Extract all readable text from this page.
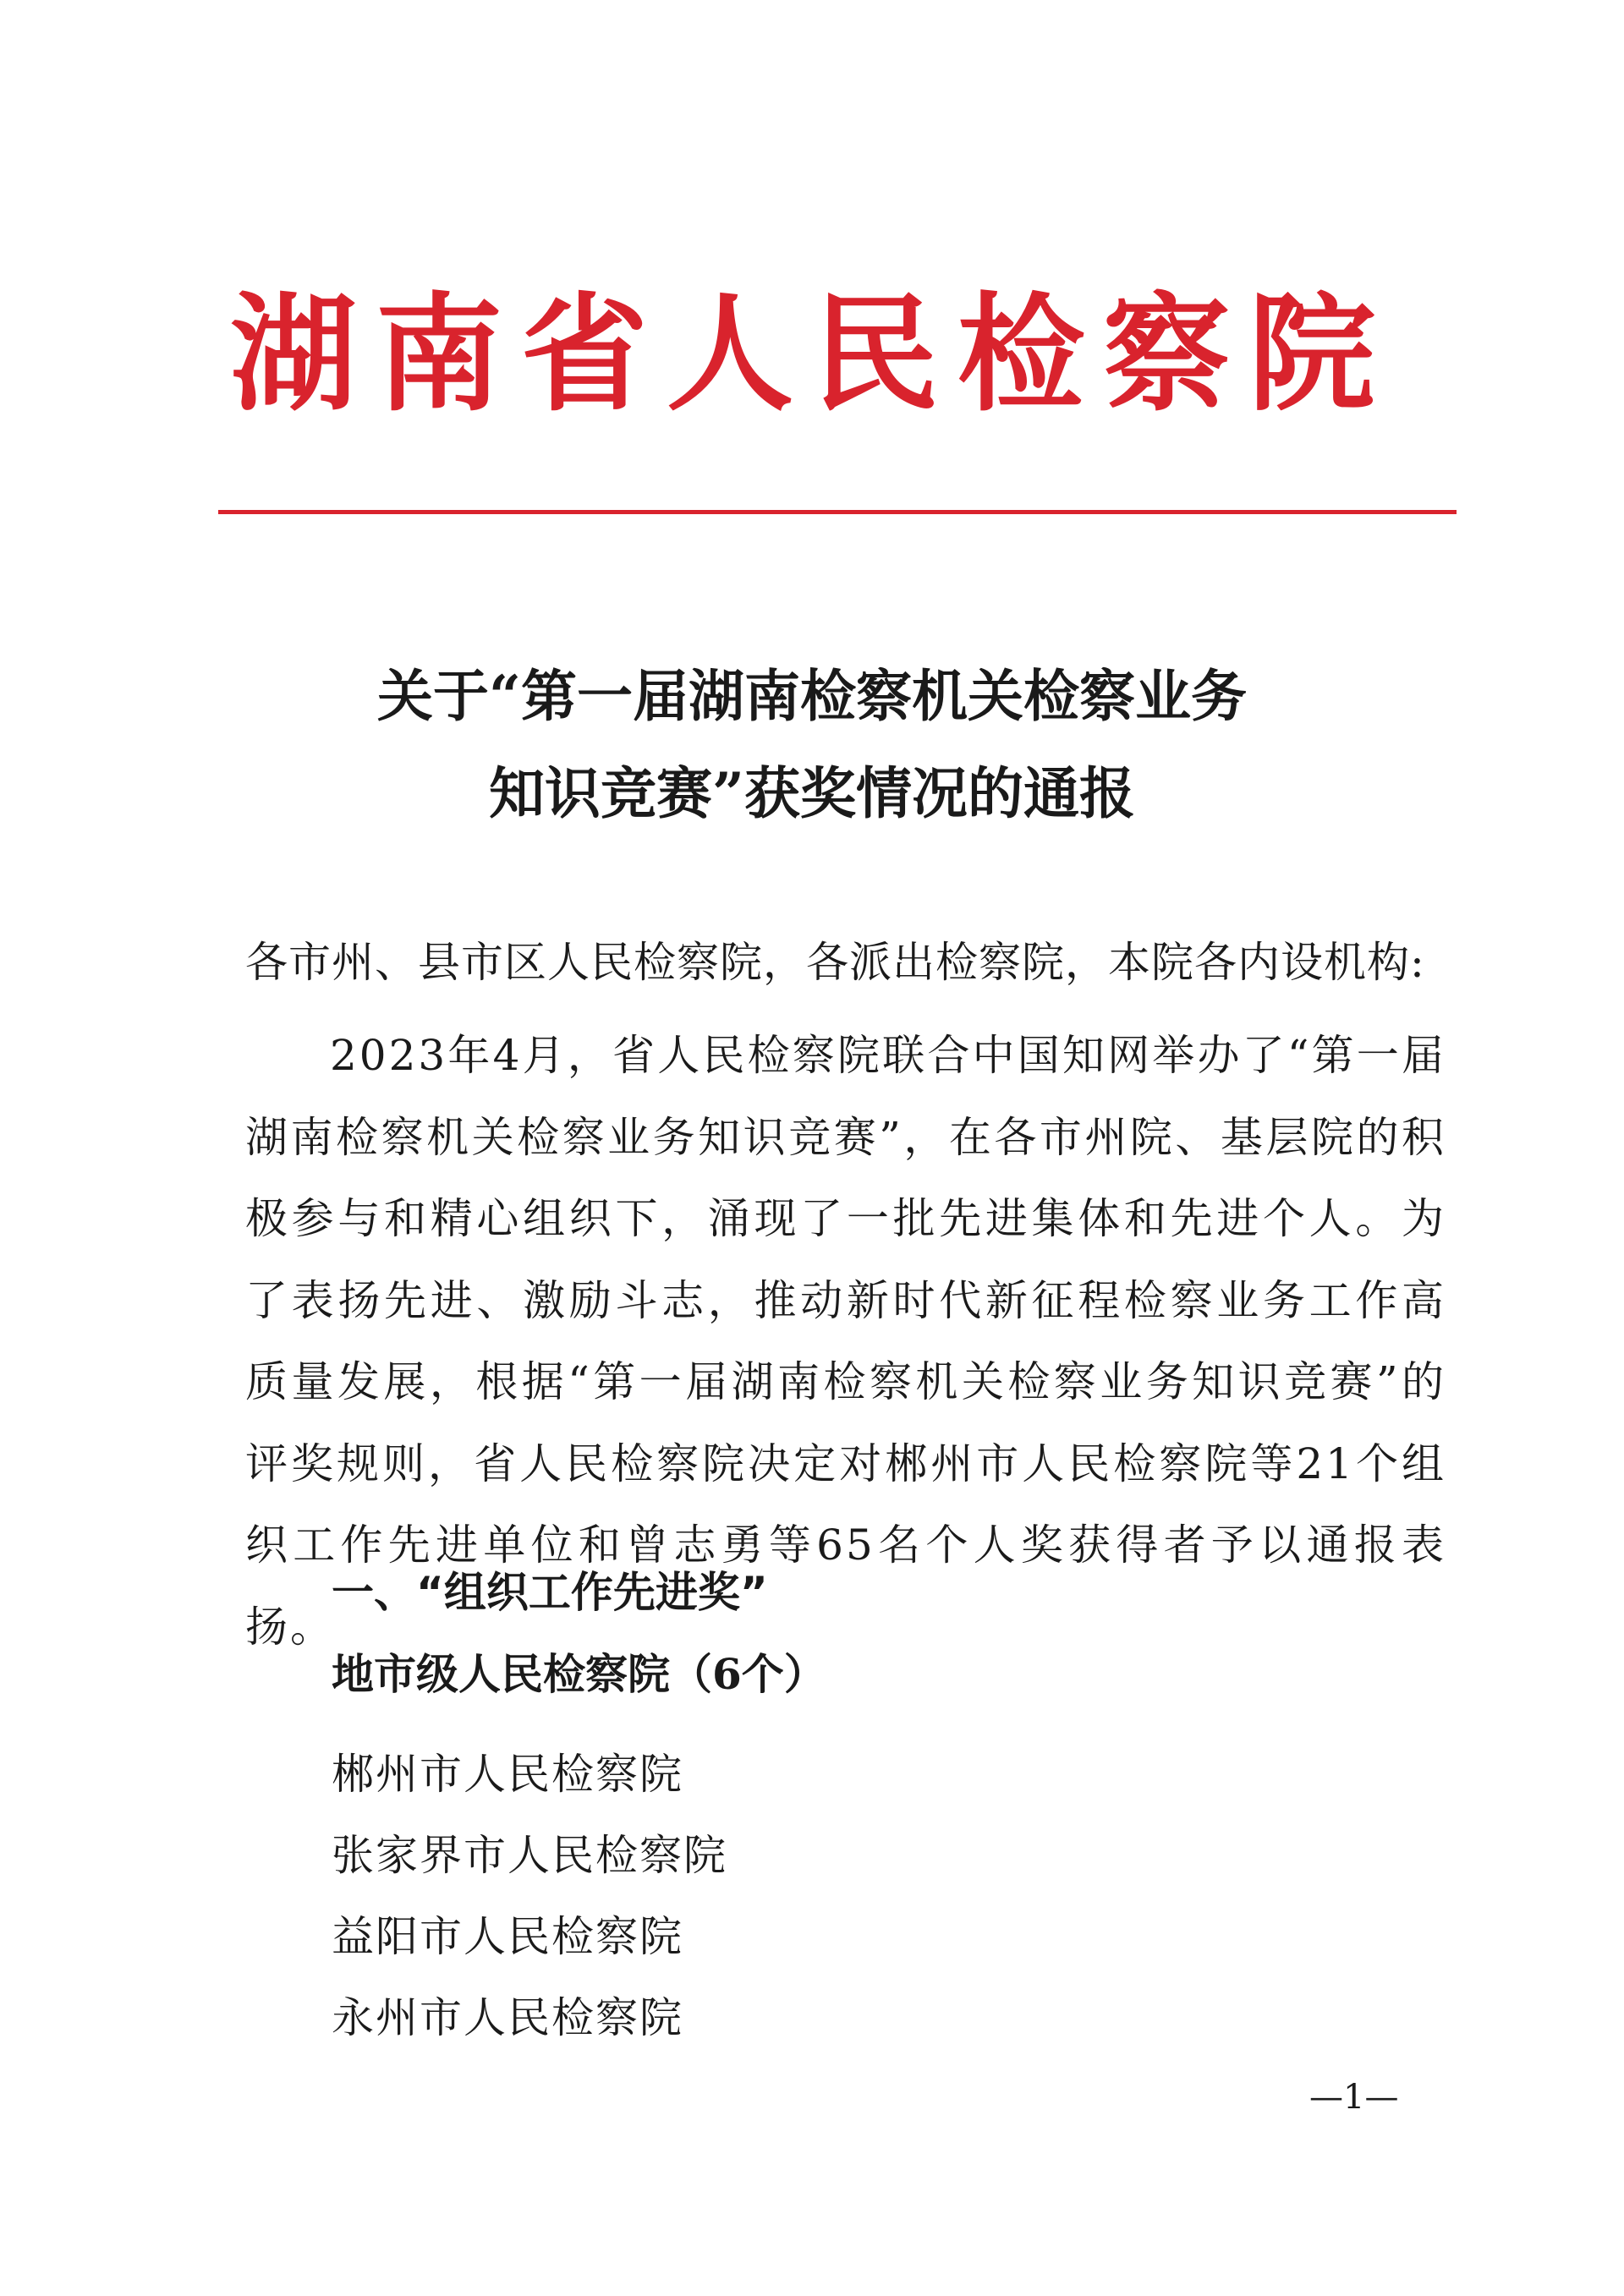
湖南省人民检察院
关于“第一届湖南检察机关检察业务
知识竞赛”获奖情况的通报
各市州、县市区人民检察院，各派出检察院，本院各内设机构:
2023年4月，省人民检察院联合中国知网举办了“第一届湖南检察机关检察业务知识竞赛”，在各市州院、基层院的积极参与和精心组织下，涌现了一批先进集体和先进个人。为了表扬先进、激励斗志，推动新时代新征程检察业务工作高质量发展，根据“第一届湖南检察机关检察业务知识竞赛”的评奖规则，省人民检察院决定对郴州市人民检察院等21个组织工作先进单位和曾志勇等65名个人奖获得者予以通报表扬。
一、“组织工作先进奖”
地市级人民检察院（6个）
郴州市人民检察院
张家界市人民检察院
益阳市人民检察院
永州市人民检察院
—1—
